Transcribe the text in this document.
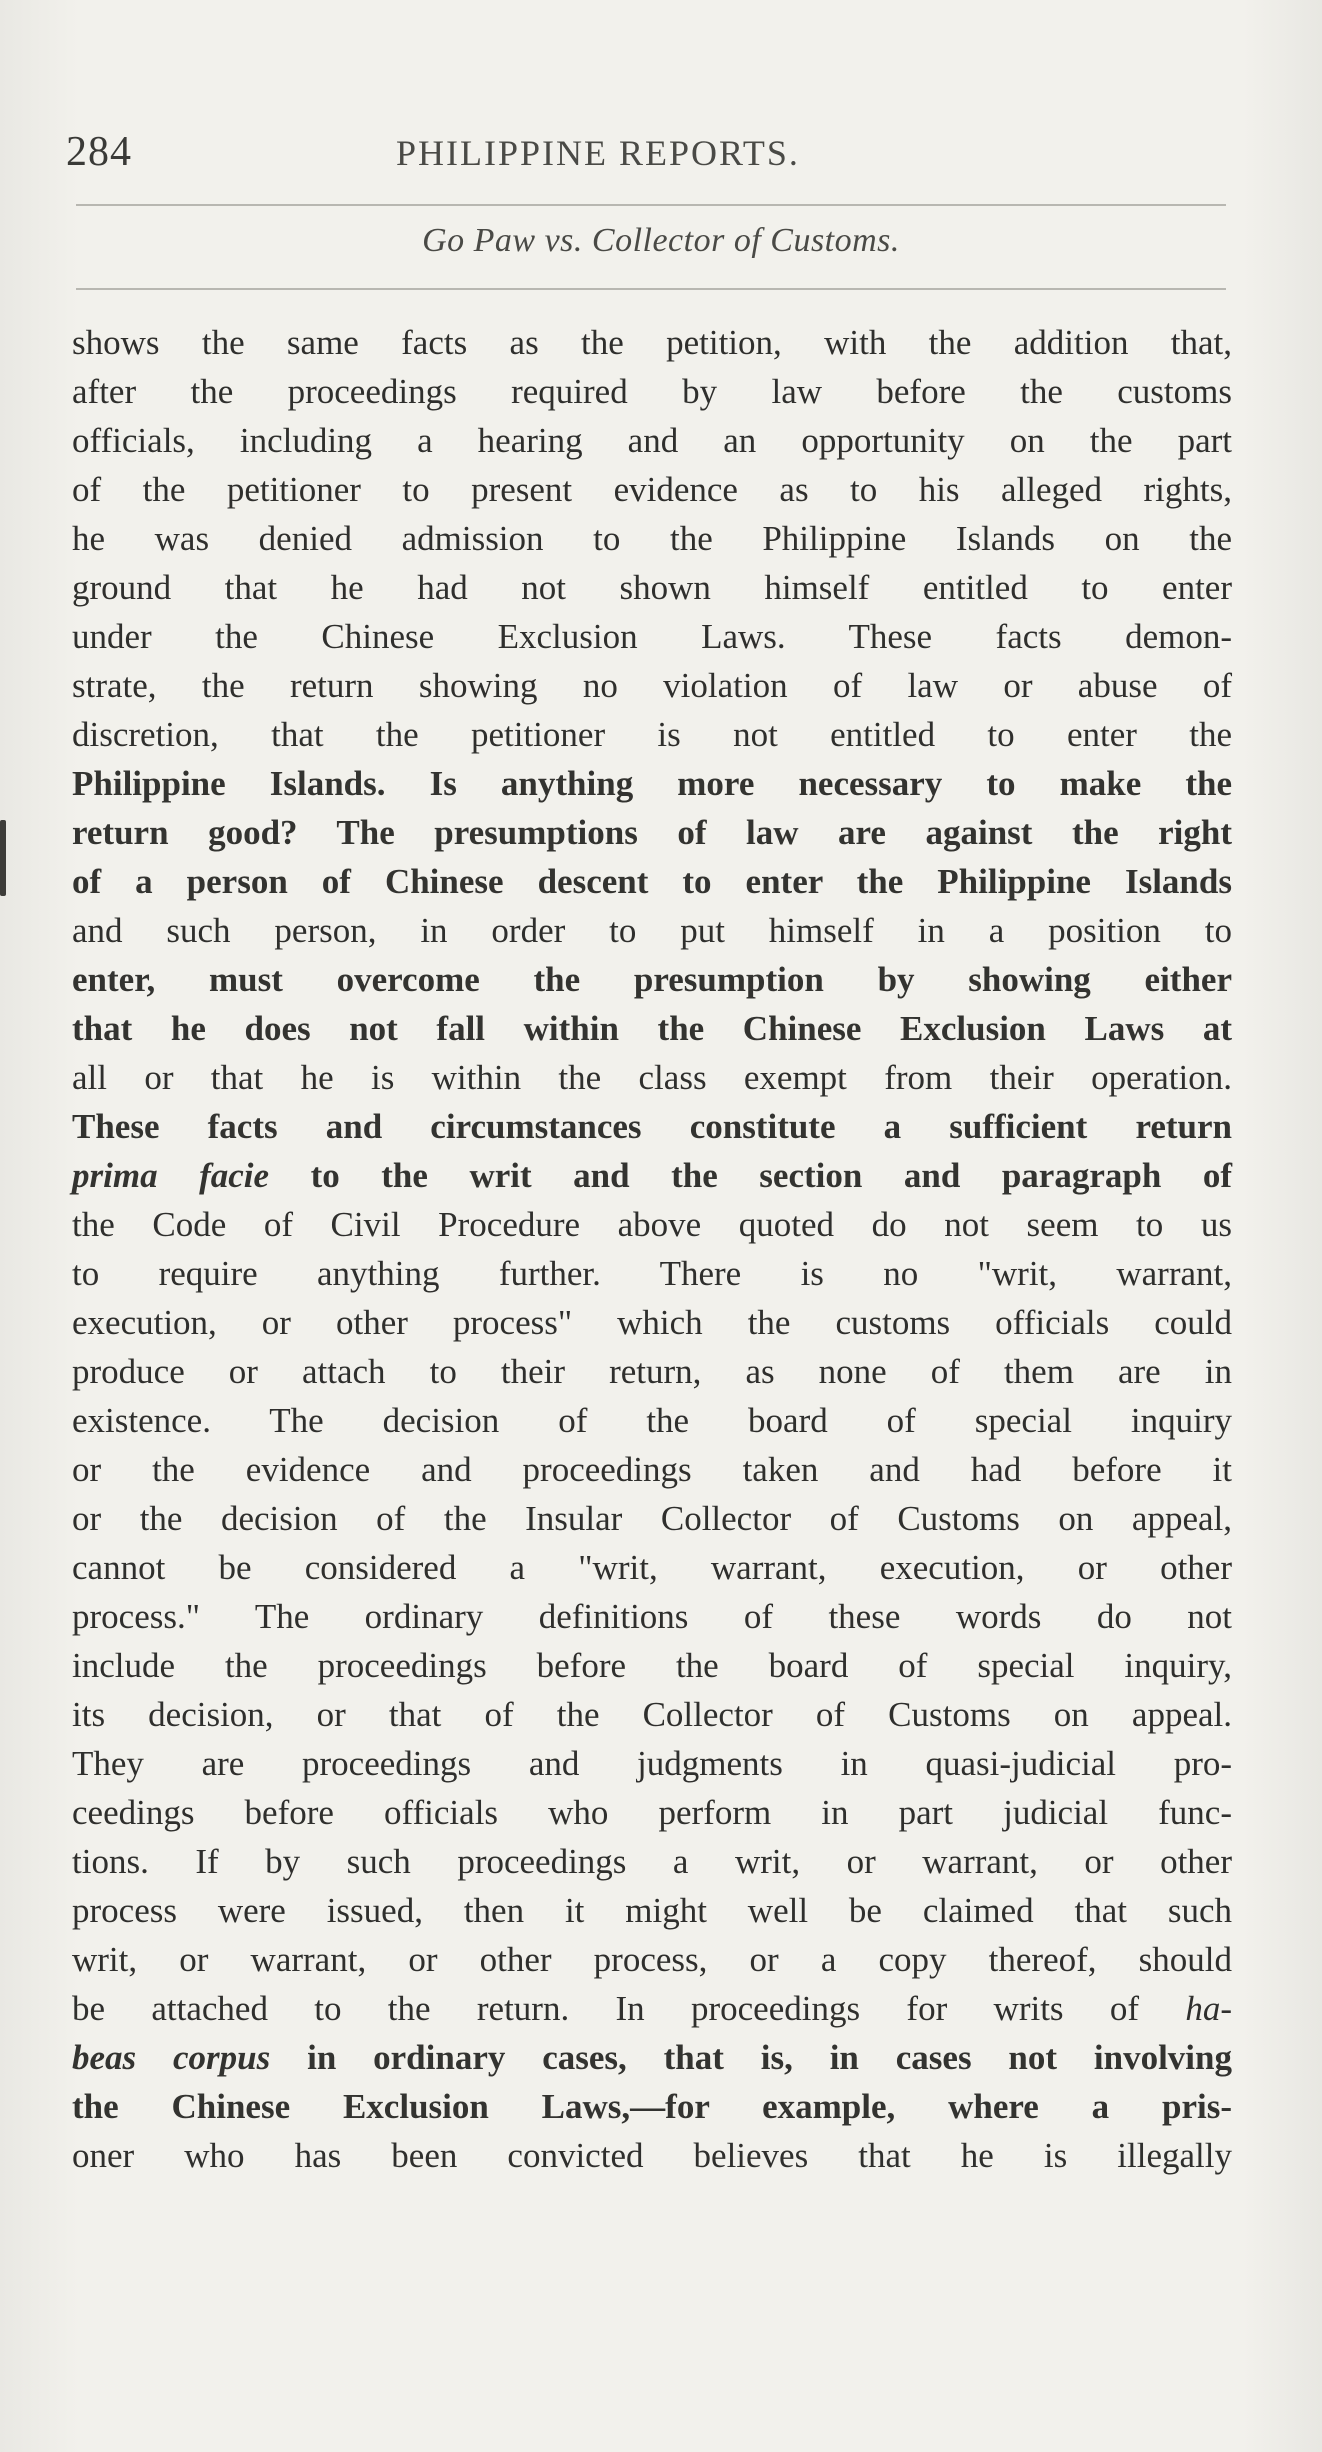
284	PHILIPPINE REPORTS.
Go Paw vs. Collector of Customs.
shows the same facts as the petition, with the addition that,
after the proceedings required by law before the customs
officials, including a hearing and an opportunity on the part
of the petitioner to present evidence as to his alleged rights,
he was denied admission to the Philippine Islands on the
ground that he had not shown himself entitled to enter
under the Chinese Exclusion Laws. These facts demon-
strate, the return showing no violation of law or abuse of
discretion, that the petitioner is not entitled to enter the
Philippine Islands. Is anything more necessary to make the
return good? The presumptions of law are against the right
of a person of Chinese descent to enter the Philippine Islands
and such person, in order to put himself in a position to
enter, must overcome the presumption by showing either
that he does not fall within the Chinese Exclusion Laws at
all or that he is within the class exempt from their operation.
These facts and circumstances constitute a sufficient return
prima facie to the writ and the section and paragraph of
the Code of Civil Procedure above quoted do not seem to us
to require anything further. There is no "writ, warrant,
execution, or other process" which the customs officials could
produce or attach to their return, as none of them are in
existence. The decision of the board of special inquiry
or the evidence and proceedings taken and had before it
or the decision of the Insular Collector of Customs on appeal,
cannot be considered a "writ, warrant, execution, or other
process." The ordinary definitions of these words do not
include the proceedings before the board of special inquiry,
its decision, or that of the Collector of Customs on appeal.
They are proceedings and judgments in quasi-judicial pro-
ceedings before officials who perform in part judicial func-
tions. If by such proceedings a writ, or warrant, or other
process were issued, then it might well be claimed that such
writ, or warrant, or other process, or a copy thereof, should
be attached to the return. In proceedings for writs of ha-
beas corpus in ordinary cases, that is, in cases not involving
the Chinese Exclusion Laws,—for example, where a pris-
oner who has been convicted believes that he is illegally
